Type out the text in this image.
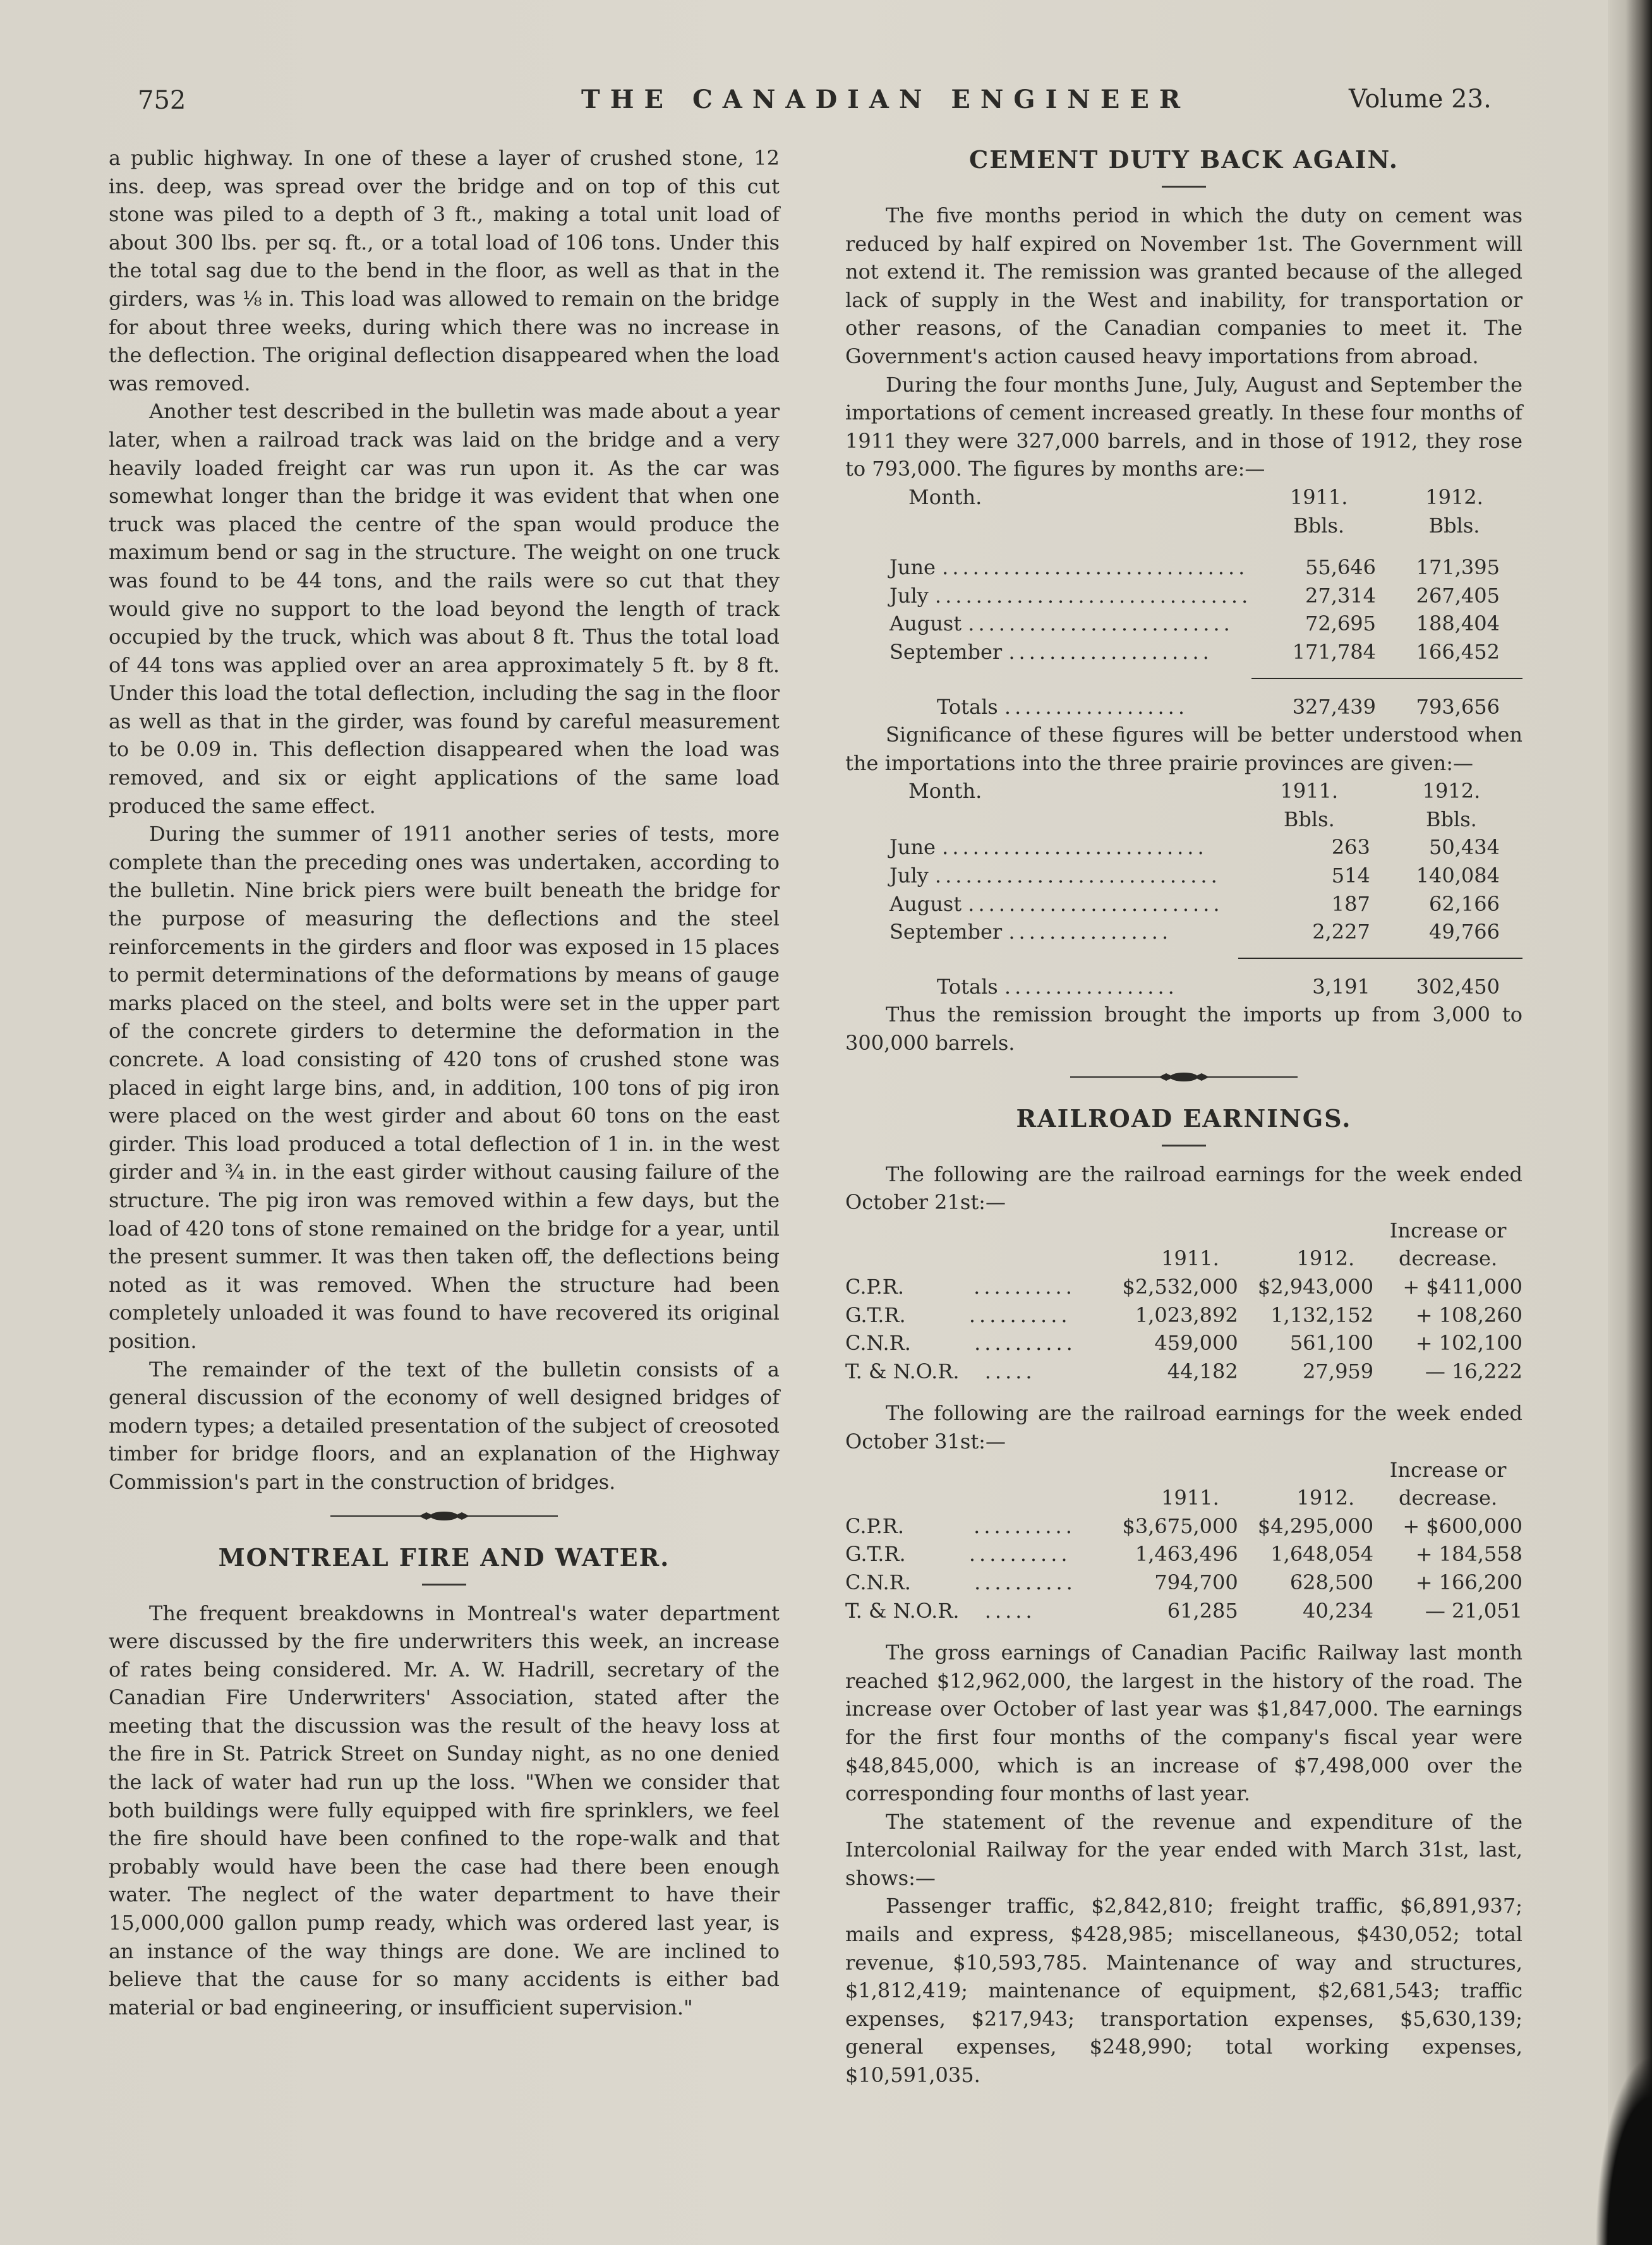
752	THE CANADIAN ENGINEER	Volume 23.

a public highway. In one of these a layer of crushed stone, 12 ins. deep, was spread over the bridge and on top of this cut stone was piled to a depth of 3 ft., making a total unit load of about 300 lbs. per sq. ft., or a total load of 106 tons. Under this the total sag due to the bend in the floor, as well as that in the girders, was ⅛ in. This load was allowed to remain on the bridge for about three weeks, during which there was no increase in the deflection. The original deflection disappeared when the load was removed.

Another test described in the bulletin was made about a year later, when a railroad track was laid on the bridge and a very heavily loaded freight car was run upon it. As the car was somewhat longer than the bridge it was evident that when one truck was placed the centre of the span would produce the maximum bend or sag in the structure. The weight on one truck was found to be 44 tons, and the rails were so cut that they would give no support to the load beyond the length of track occupied by the truck, which was about 8 ft. Thus the total load of 44 tons was applied over an area approximately 5 ft. by 8 ft. Under this load the total deflection, including the sag in the floor as well as that in the girder, was found by careful measurement to be 0.09 in. This deflection disappeared when the load was removed, and six or eight applications of the same load produced the same effect.

During the summer of 1911 another series of tests, more complete than the preceding ones was undertaken, according to the bulletin. Nine brick piers were built beneath the bridge for the purpose of measuring the deflections and the steel reinforcements in the girders and floor was exposed in 15 places to permit determinations of the deformations by means of gauge marks placed on the steel, and bolts were set in the upper part of the concrete girders to determine the deformation in the concrete. A load consisting of 420 tons of crushed stone was placed in eight large bins, and, in addition, 100 tons of pig iron were placed on the west girder and about 60 tons on the east girder. This load produced a total deflection of 1 in. in the west girder and ¾ in. in the east girder without causing failure of the structure. The pig iron was removed within a few days, but the load of 420 tons of stone remained on the bridge for a year, until the present summer. It was then taken off, the deflections being noted as it was removed. When the structure had been completely unloaded it was found to have recovered its original position.

The remainder of the text of the bulletin consists of a general discussion of the economy of well designed bridges of modern types; a detailed presentation of the subject of creosoted timber for bridge floors, and an explanation of the Highway Commission's part in the construction of bridges.

MONTREAL FIRE AND WATER.

The frequent breakdowns in Montreal's water department were discussed by the fire underwriters this week, an increase of rates being considered. Mr. A. W. Hadrill, secretary of the Canadian Fire Underwriters' Association, stated after the meeting that the discussion was the result of the heavy loss at the fire in St. Patrick Street on Sunday night, as no one denied the lack of water had run up the loss. "When we consider that both buildings were fully equipped with fire sprinklers, we feel the fire should have been confined to the rope-walk and that probably would have been the case had there been enough water. The neglect of the water department to have their 15,000,000 gallon pump ready, which was ordered last year, is an instance of the way things are done. We are inclined to believe that the cause for so many accidents is either bad material or bad engineering, or insufficient supervision."

CEMENT DUTY BACK AGAIN.

The five months period in which the duty on cement was reduced by half expired on November 1st. The Government will not extend it. The remission was granted because of the alleged lack of supply in the West and inability, for transportation or other reasons, of the Canadian companies to meet it. The Government's action caused heavy importations from abroad.

During the four months June, July, August and September the importations of cement increased greatly. In these four months of 1911 they were 327,000 barrels, and in those of 1912, they rose to 793,000. The figures by months are:—

Month.	1911.	1912.
	Bbls.	Bbls.

June ..............................	55,646	171,395
July ...............................	27,314	267,405
August ..........................	72,695	188,404
September ....................	171,784	166,452

Totals ..................	327,439	793,656

Significance of these figures will be better understood when the importations into the three prairie provinces are given:—

Month.	1911.	1912.
	Bbls.	Bbls.
June ..........................	263	50,434
July ............................	514	140,084
August .........................	187	62,166
September ................	2,227	49,766

Totals .................	3,191	302,450

Thus the remission brought the imports up from 3,000 to 300,000 barrels.

RAILROAD EARNINGS.

The following are the railroad earnings for the week ended October 21st:—

	1911.	1912.	Increase or decrease.
C.P.R. ..........	$2,532,000	$2,943,000	+ $411,000
G.T.R. ..........	1,023,892	1,132,152	+ 108,260
C.N.R. ..........	459,000	561,100	+ 102,100
T. & N.O.R. .....	44,182	27,959	— 16,222

The following are the railroad earnings for the week ended October 31st:—

	1911.	1912.	Increase or decrease.
C.P.R. ..........	$3,675,000	$4,295,000	+ $600,000
G.T.R. ..........	1,463,496	1,648,054	+ 184,558
C.N.R. ..........	794,700	628,500	+ 166,200
T. & N.O.R. .....	61,285	40,234	— 21,051

The gross earnings of Canadian Pacific Railway last month reached $12,962,000, the largest in the history of the road. The increase over October of last year was $1,847,000. The earnings for the first four months of the company's fiscal year were $48,845,000, which is an increase of $7,498,000 over the corresponding four months of last year.

The statement of the revenue and expenditure of the Intercolonial Railway for the year ended with March 31st, last, shows:—

Passenger traffic, $2,842,810; freight traffic, $6,891,937; mails and express, $428,985; miscellaneous, $430,052; total revenue, $10,593,785. Maintenance of way and structures, $1,812,419; maintenance of equipment, $2,681,543; traffic expenses, $217,943; transportation expenses, $5,630,139; general expenses, $248,990; total working expenses, $10,591,035.
